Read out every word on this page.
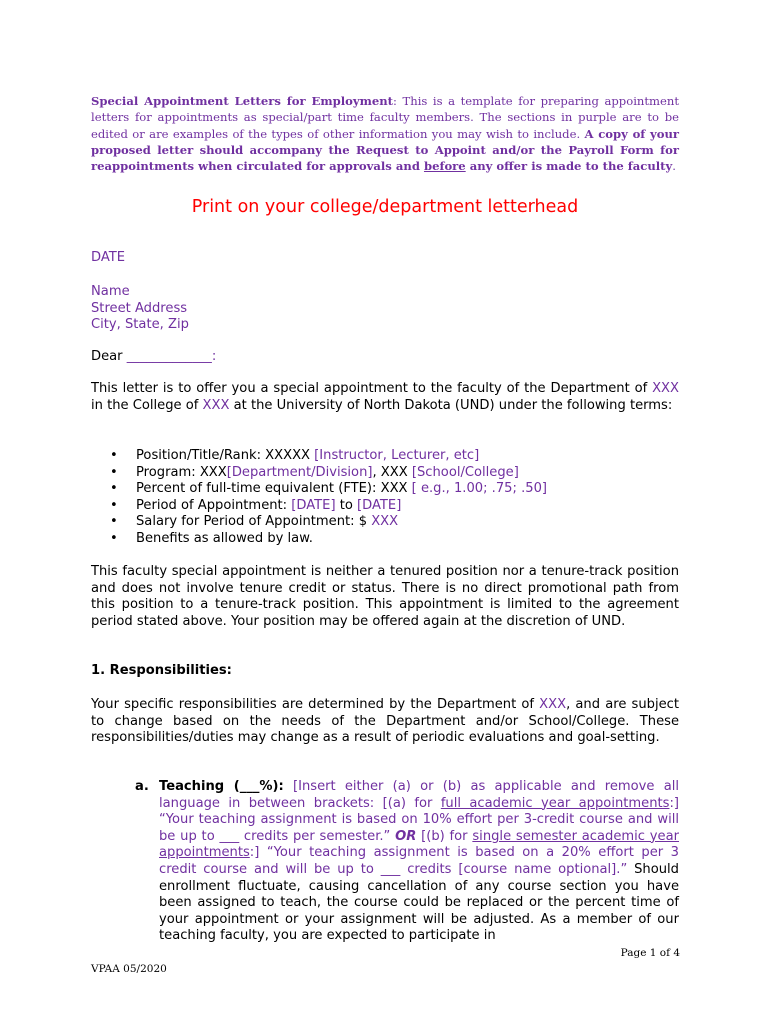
Special Appointment Letters for Employment: This is a template for preparing appointment letters for appointments as special/part time faculty members. The sections in purple are to be edited or are examples of the types of other information you may wish to include. A copy of your proposed letter should accompany the Request to Appoint and/or the Payroll Form for reappointments when circulated for approvals and before any offer is made to the faculty.
Print on your college/department letterhead
DATE
Name
Street Address
City, State, Zip
Dear _____________:
This letter is to offer you a special appointment to the faculty of the Department of XXX in the College of XXX at the University of North Dakota (UND) under the following terms:
• Position/Title/Rank: XXXXX [Instructor, Lecturer, etc]
• Program: XXX[Department/Division], XXX [School/College]
• Percent of full-time equivalent (FTE): XXX [ e.g., 1.00; .75; .50]
• Period of Appointment: [DATE] to [DATE]
• Salary for Period of Appointment: $ XXX
• Benefits as allowed by law.
This faculty special appointment is neither a tenured position nor a tenure-track position and does not involve tenure credit or status. There is no direct promotional path from this position to a tenure-track position. This appointment is limited to the agreement period stated above. Your position may be offered again at the discretion of UND.
1. Responsibilities:
Your specific responsibilities are determined by the Department of XXX, and are subject to change based on the needs of the Department and/or School/College. These responsibilities/duties may change as a result of periodic evaluations and goal-setting.
a. Teaching (___%): [Insert either (a) or (b) as applicable and remove all language in between brackets: [(a) for full academic year appointments:] “Your teaching assignment is based on 10% effort per 3-credit course and will be up to ___ credits per semester.” OR [(b) for single semester academic year appointments:] “Your teaching assignment is based on a 20% effort per 3 credit course and will be up to ___ credits [course name optional].” Should enrollment fluctuate, causing cancellation of any course section you have been assigned to teach, the course could be replaced or the percent time of your appointment or your assignment will be adjusted. As a member of our teaching faculty, you are expected to participate in
Page 1 of 4
VPAA 05/2020
